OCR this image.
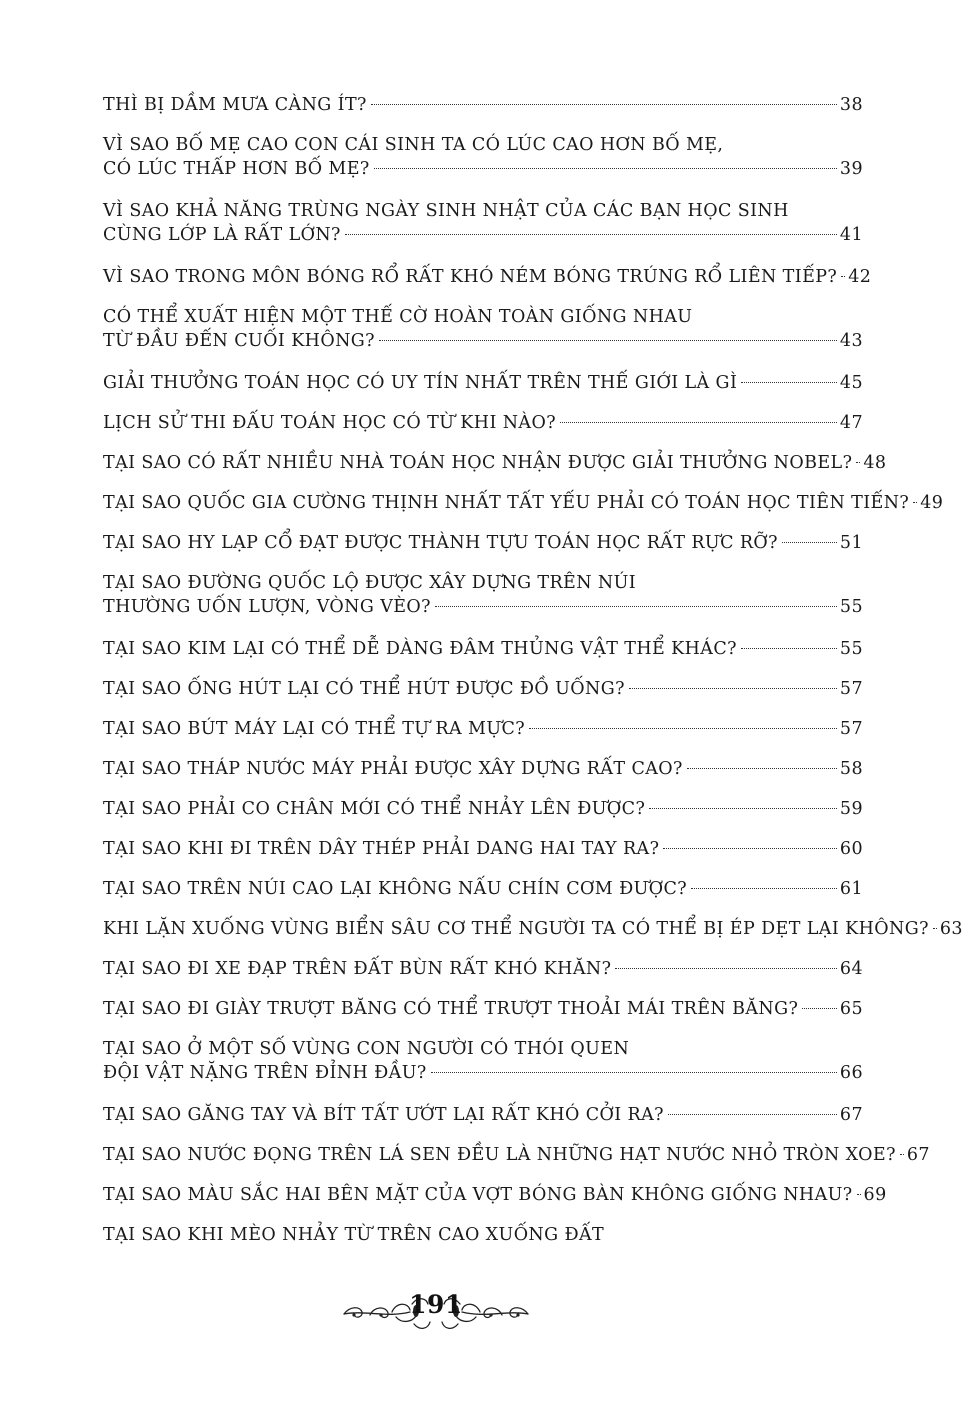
THÌ BỊ DẦM MƯA CÀNG ÍT?	38
VÌ SAO BỐ MẸ CAO CON CÁI SINH TA CÓ LÚC CAO HƠN BỐ MẸ,
CÓ LÚC THẤP HƠN BỐ MẸ?	39
VÌ SAO KHẢ NĂNG TRÙNG NGÀY SINH NHẬT CỦA CÁC BẠN HỌC SINH
CÙNG LỚP LÀ RẤT LỚN?	41
VÌ SAO TRONG MÔN BÓNG RỔ RẤT KHÓ NÉM BÓNG TRÚNG RỔ LIÊN TIẾP? 42
CÓ THỂ XUẤT HIỆN MỘT THẾ CỜ HOÀN TOÀN GIỐNG NHAU
TỪ ĐẦU ĐẾN CUỐI KHÔNG?	43
GIẢI THƯỞNG TOÁN HỌC CÓ UY TÍN NHẤT TRÊN THẾ GIỚI LÀ GÌ	45
LỊCH SỬ THI ĐẤU TOÁN HỌC CÓ TỪ KHI NÀO?	47
TẠI SAO CÓ RẤT NHIỀU NHÀ TOÁN HỌC NHẬN ĐƯỢC GIẢI THƯỞNG NOBEL? 48
TẠI SAO QUỐC GIA CƯỜNG THỊNH NHẤT TẤT YẾU PHẢI CÓ TOÁN HỌC TIÊN TIẾN? 49
TẠI SAO HY LẠP CỔ ĐẠT ĐƯỢC THÀNH TỰU TOÁN HỌC RẤT RỰC RỠ?	51
TẠI SAO ĐƯỜNG QUỐC LỘ ĐƯỢC XÂY DỰNG TRÊN NÚI
THƯỜNG UỐN LƯỢN, VÒNG VÈO?	55
TẠI SAO KIM LẠI CÓ THỂ DỄ DÀNG ĐÂM THỦNG VẬT THỂ KHÁC?	55
TẠI SAO ỐNG HÚT LẠI CÓ THỂ HÚT ĐƯỢC ĐỒ UỐNG?	57
TẠI SAO BÚT MÁY LẠI CÓ THỂ TỰ RA MỰC?	57
TẠI SAO THÁP NƯỚC MÁY PHẢI ĐƯỢC XÂY DỰNG RẤT CAO?	58
TẠI SAO PHẢI CO CHÂN MỚI CÓ THỂ NHẢY LÊN ĐƯỢC?	59
TẠI SAO KHI ĐI TRÊN DÂY THÉP PHẢI DANG HAI TAY RA?	60
TẠI SAO TRÊN NÚI CAO LẠI KHÔNG NẤU CHÍN CƠM ĐƯỢC?	61
KHI LẶN XUỐNG VÙNG BIỂN SÂU CƠ THỂ NGƯỜI TA CÓ THỂ BỊ ÉP DẸT LẠI KHÔNG? 63
TẠI SAO ĐI XE ĐẠP TRÊN ĐẤT BÙN RẤT KHÓ KHĂN?	64
TẠI SAO ĐI GIÀY TRƯỢT BĂNG CÓ THỂ TRƯỢT THOẢI MÁI TRÊN BĂNG? 65
TẠI SAO Ở MỘT SỐ VÙNG CON NGƯỜI CÓ THÓI QUEN
ĐỘI VẬT NẶNG TRÊN ĐỈNH ĐẦU?	66
TẠI SAO GĂNG TAY VÀ BÍT TẤT ƯỚT LẠI RẤT KHÓ CỞI RA?	67
TẠI SAO NƯỚC ĐỌNG TRÊN LÁ SEN ĐỀU LÀ NHỮNG HẠT NƯỚC NHỎ TRÒN XOE? 67
TẠI SAO MÀU SẮC HAI BÊN MẶT CỦA VỢT BÓNG BÀN KHÔNG GIỐNG NHAU? 69
TẠI SAO KHI MÈO NHẢY TỪ TRÊN CAO XUỐNG ĐẤT
191
